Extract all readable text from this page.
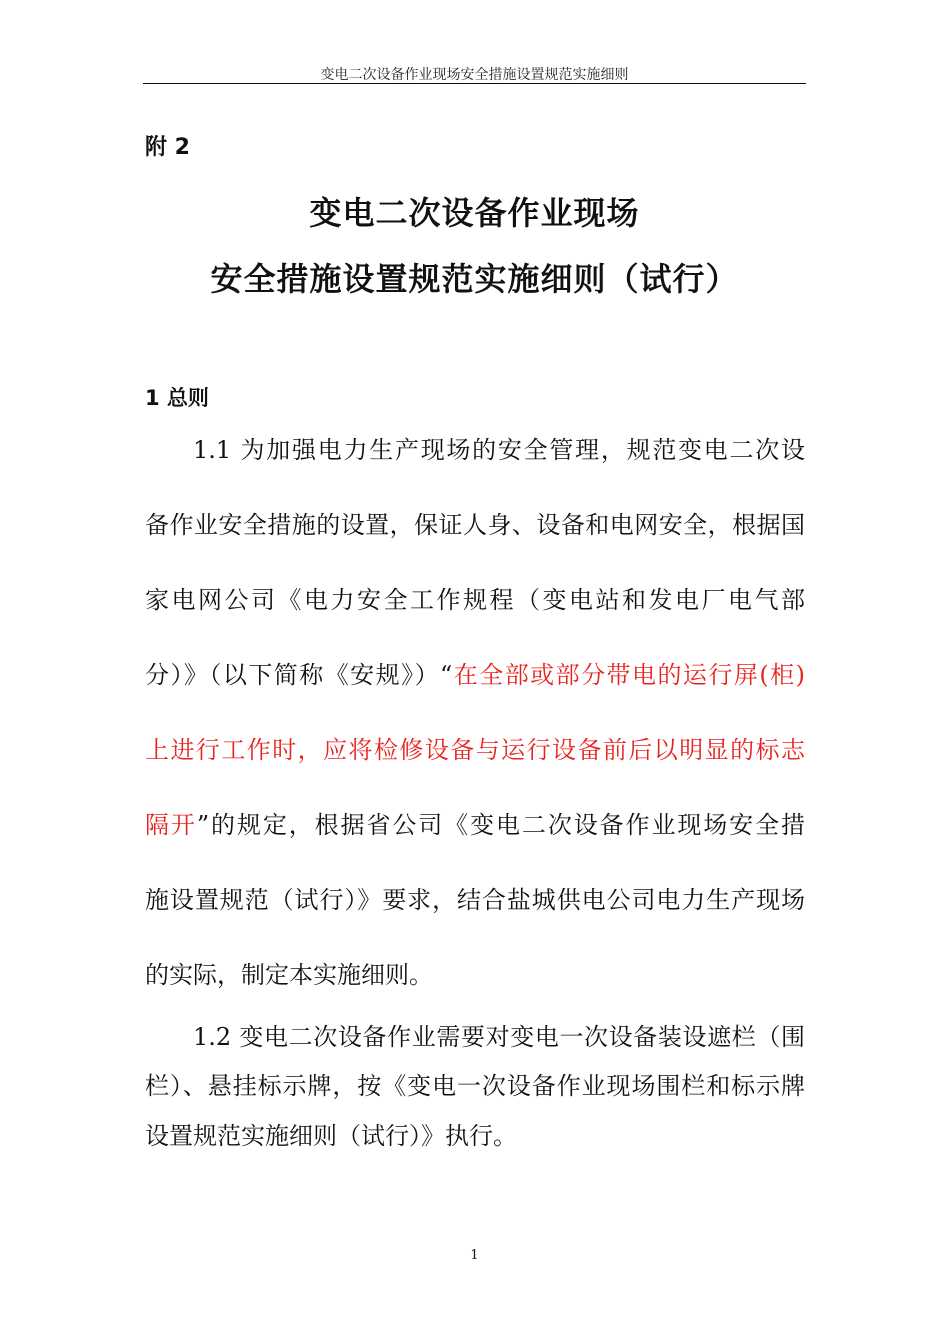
变电二次设备作业现场安全措施设置规范实施细则
附 2
变电二次设备作业现场
安全措施设置规范实施细则（试行）
1 总则
1.1 为加强电力生产现场的安全管理，规范变电二次设
备作业安全措施的设置，保证人身、设备和电网安全，根据国
家电网公司《电力安全工作规程（变电站和发电厂电气部
分）》（以下简称《安规》）“在全部或部分带电的运行屏(柜)
上进行工作时，应将检修设备与运行设备前后以明显的标志
隔开”的规定，根据省公司《变电二次设备作业现场安全措
施设置规范（试行）》要求，结合盐城供电公司电力生产现场
的实际，制定本实施细则。
1.2 变电二次设备作业需要对变电一次设备装设遮栏（围
栏）、悬挂标示牌，按《变电一次设备作业现场围栏和标示牌
设置规范实施细则（试行）》执行。
1
